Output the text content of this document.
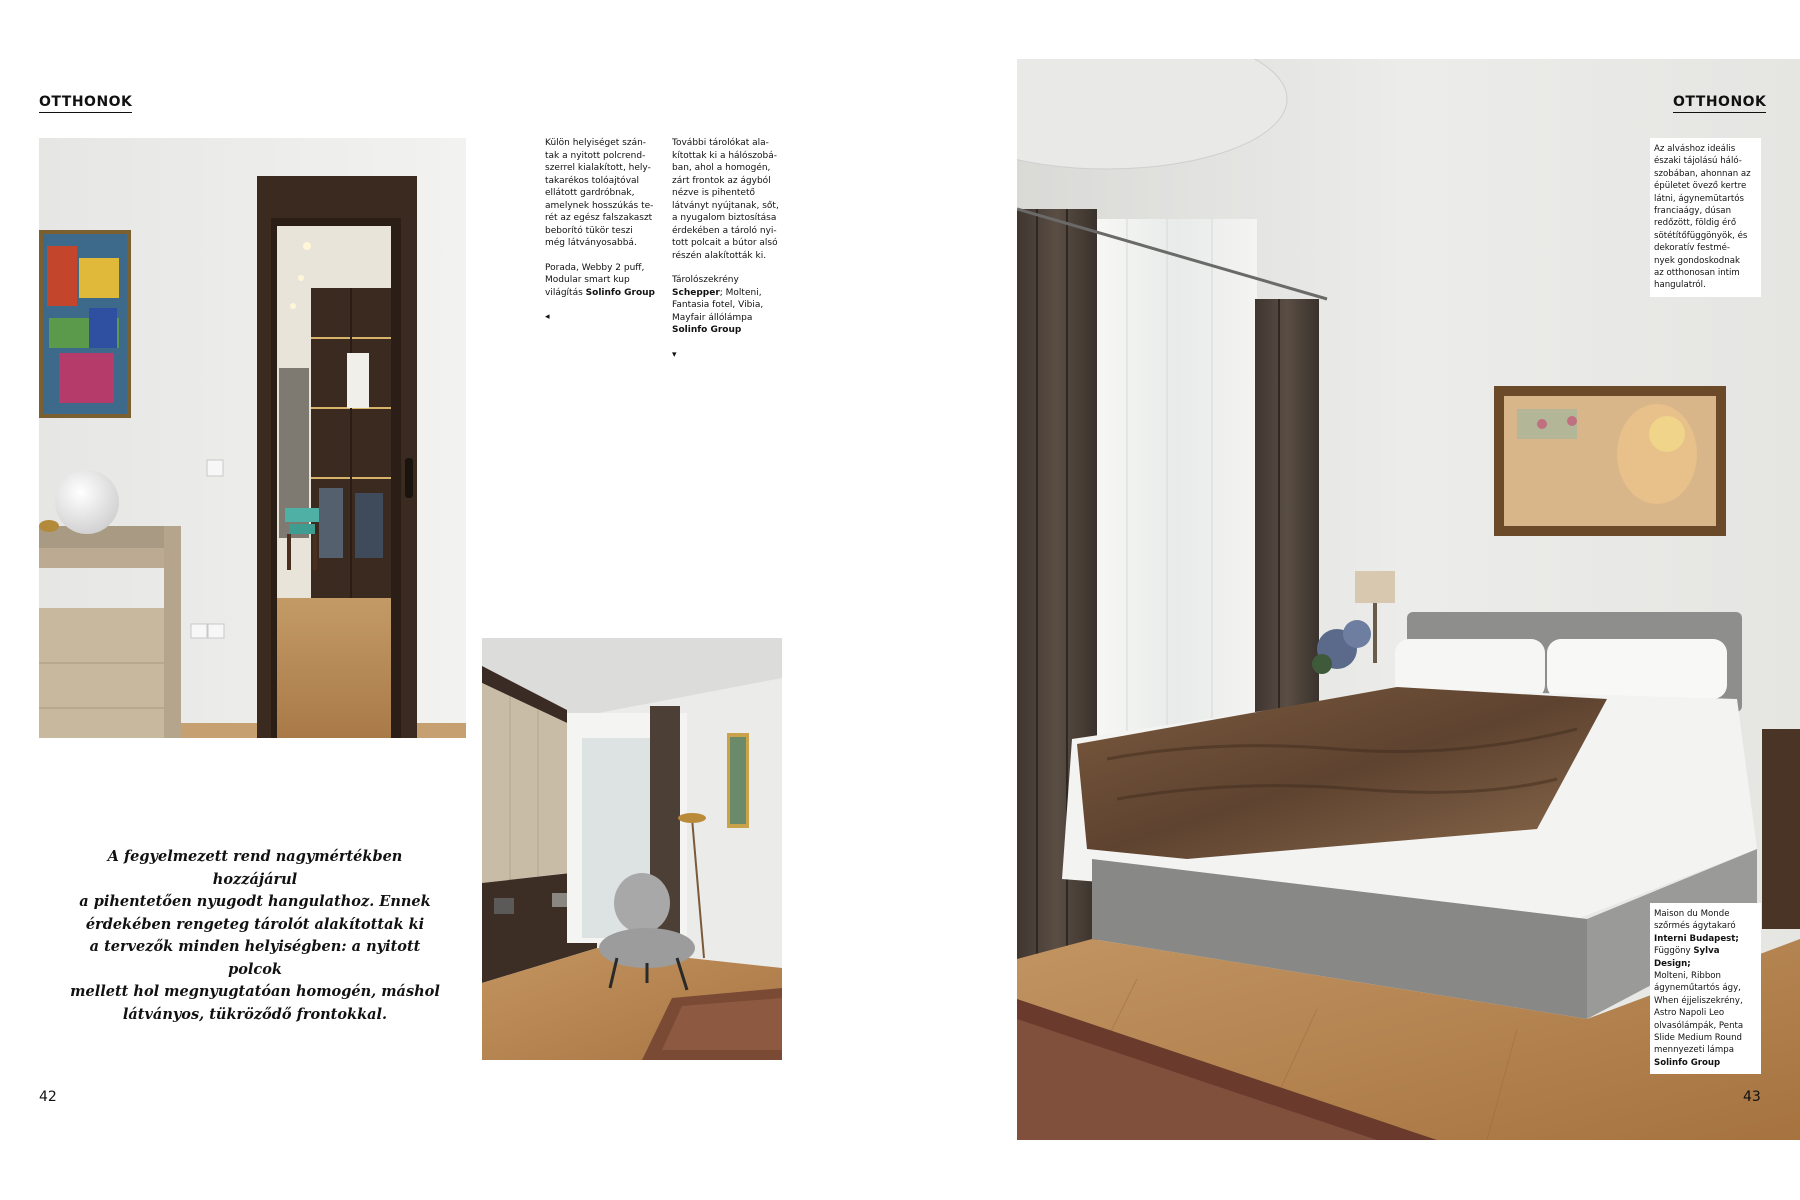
OTTHONOK

Külön helyiséget szán-
tak a nyitott polcrend-
szerrel kialakított, hely-
takarékos tolóajtóval
ellátott gardróbnak,
amelynek hosszúkás te-
rét az egész falszakaszt
beborító tükör teszi
még látványosabbá.

Porada, Webby 2 puff,
Modular smart kup
világítás Solinfo Group

◂

További tárolókat ala-
kítottak ki a hálószobá-
ban, ahol a homogén,
zárt frontok az ágyból
nézve is pihentető
látványt nyújtanak, sőt,
a nyugalom biztosítása
érdekében a tároló nyi-
tott polcait a bútor alsó
részén alakították ki.

Tárolószekrény
Schepper; Molteni,
Fantasia fotel, Vibia,
Mayfair állólámpa
Solinfo Group

▾
A fegyelmezett rend nagymértékben hozzájárul
a pihentetően nyugodt hangulathoz. Ennek
érdekében rengeteg tárolót alakítottak ki
a tervezők minden helyiségben: a nyitott polcok
mellett hol megnyugtatóan homogén, máshol
látványos, tükröződő frontokkal.
42
OTTHONOK
Az alváshoz ideális
északi tájolású háló-
szobában, ahonnan az
épületet övező kertre
látni, ágynemütartós
franciaágy, dúsan
redőzött, földig érő
sötétítőfüggönyök, és
dekoratív festmé-
nyek gondoskodnak
az otthonosan intim
hangulatról.
Maison du Monde
szőrmés ágytakaró
Interni Budapest;
Függöny Sylva Design;
Molteni, Ribbon
ágyneműtartós ágy,
When éjjeliszekrény,
Astro Napoli Leo
olvasólámpák, Penta
Slide Medium Round
mennyezeti lámpa
Solinfo Group
43
